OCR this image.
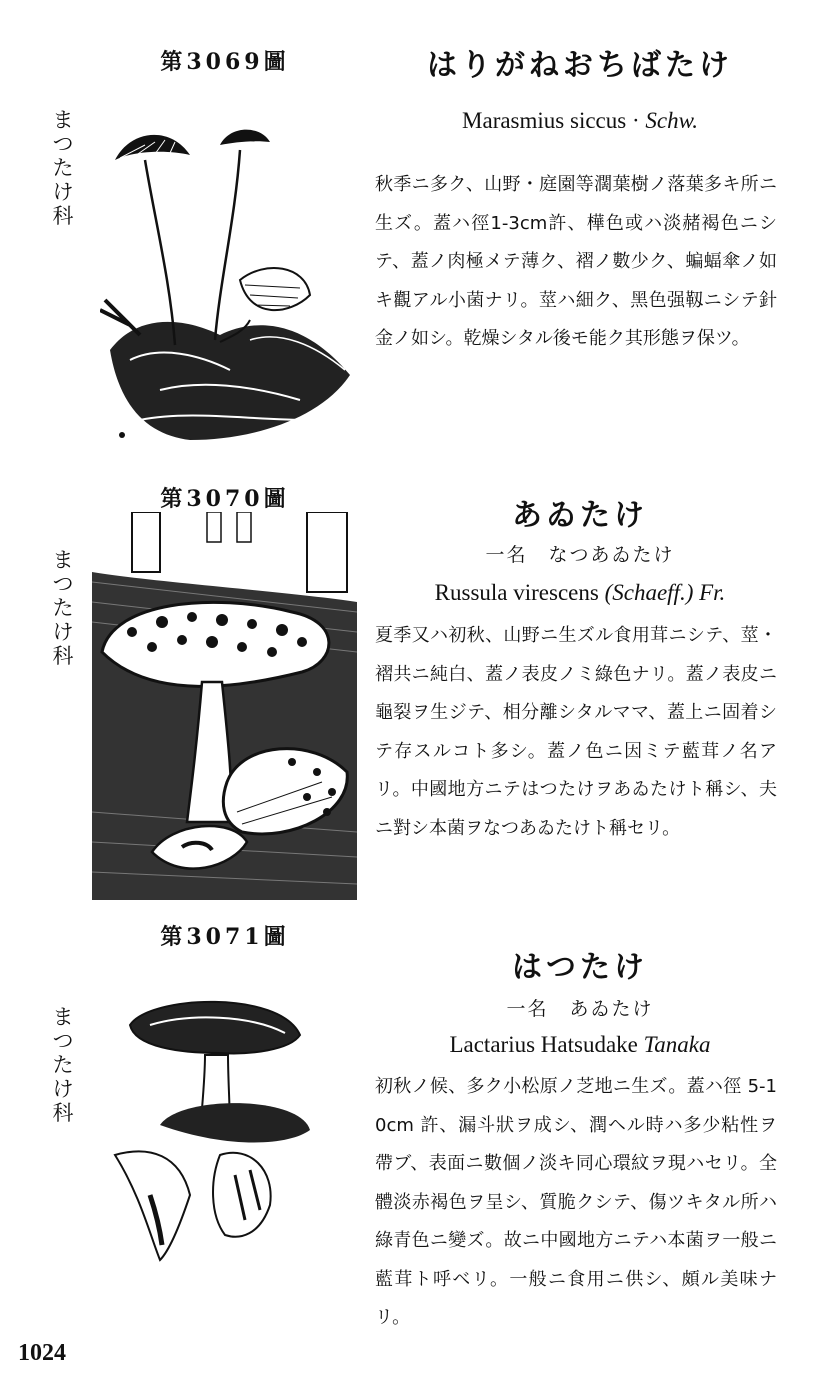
第3069圖
まつたけ科
はりがねおちばたけ
Marasmius siccus · Schw.
秋季ニ多ク、山野・庭園等濶葉樹ノ落葉多キ所ニ生ズ。蓋ハ徑1-3cm許、樺色或ハ淡赭褐色ニシテ、蓋ノ肉極メテ薄ク、褶ノ數少ク、蝙蝠傘ノ如キ觀アル小菌ナリ。莖ハ細ク、黑色强靱ニシテ針金ノ如シ。乾燥シタル後モ能ク其形態ヲ保ツ。
第3070圖
まつたけ科
あゐたけ
一名　なつあゐたけ
Russula virescens (Schaeff.) Fr.
夏季又ハ初秋、山野ニ生ズル食用茸ニシテ、莖・褶共ニ純白、蓋ノ表皮ノミ綠色ナリ。蓋ノ表皮ニ龜裂ヲ生ジテ、相分離シタルママ、蓋上ニ固着シテ存スルコト多シ。蓋ノ色ニ因ミテ藍茸ノ名アリ。中國地方ニテはつたけヲあゐたけト稱シ、夫ニ對シ本菌ヲなつあゐたけト稱セリ。
第3071圖
まつたけ科
はつたけ
一名　あゐたけ
Lactarius Hatsudake Tanaka
初秋ノ候、多ク小松原ノ芝地ニ生ズ。蓋ハ徑 5-10cm 許、漏斗狀ヲ成シ、潤ヘル時ハ多少粘性ヲ帶ブ、表面ニ數個ノ淡キ同心環紋ヲ現ハセリ。全體淡赤褐色ヲ呈シ、質脆クシテ、傷ツキタル所ハ綠青色ニ變ズ。故ニ中國地方ニテハ本菌ヲ一般ニ藍茸ト呼ベリ。一般ニ食用ニ供シ、頗ル美味ナリ。
1024
